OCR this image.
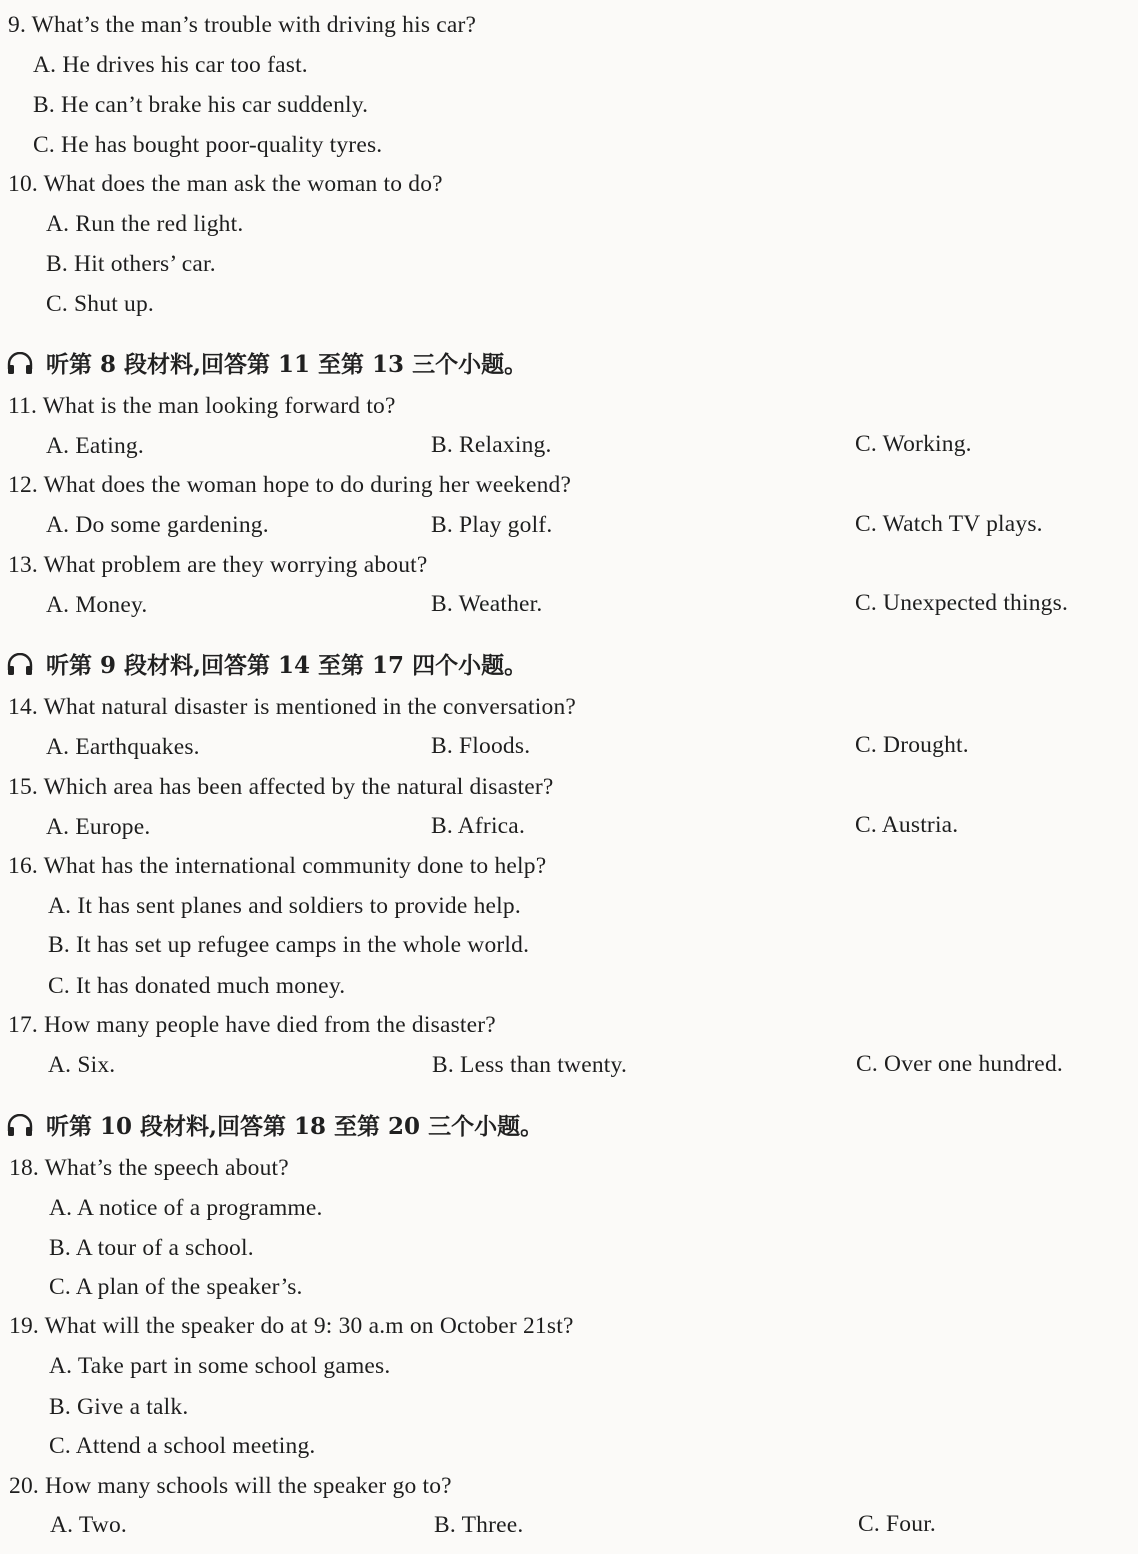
9. What’s the man’s trouble with driving his car?
A. He drives his car too fast.
B. He can’t brake his car suddenly.
C. He has bought poor-quality tyres.
10. What does the man ask the woman to do?
A. Run the red light.
B. Hit others’ car.
C. Shut up.
听第 8 段材料,回答第 11 至第 13 三个小题。
11. What is the man looking forward to?
A. Eating.	B. Relaxing.	C. Working.
12. What does the woman hope to do during her weekend?
A. Do some gardening.	B. Play golf.	C. Watch TV plays.
13. What problem are they worrying about?
A. Money.	B. Weather.	C. Unexpected things.
听第 9 段材料,回答第 14 至第 17 四个小题。
14. What natural disaster is mentioned in the conversation?
A. Earthquakes.	B. Floods.	C. Drought.
15. Which area has been affected by the natural disaster?
A. Europe.	B. Africa.	C. Austria.
16. What has the international community done to help?
A. It has sent planes and soldiers to provide help.
B. It has set up refugee camps in the whole world.
C. It has donated much money.
17. How many people have died from the disaster?
A. Six.	B. Less than twenty.	C. Over one hundred.
听第 10 段材料,回答第 18 至第 20 三个小题。
18. What’s the speech about?
A. A notice of a programme.
B. A tour of a school.
C. A plan of the speaker’s.
19. What will the speaker do at 9: 30 a.m on October 21st?
A. Take part in some school games.
B. Give a talk.
C. Attend a school meeting.
20. How many schools will the speaker go to?
A. Two.	B. Three.	C. Four.
